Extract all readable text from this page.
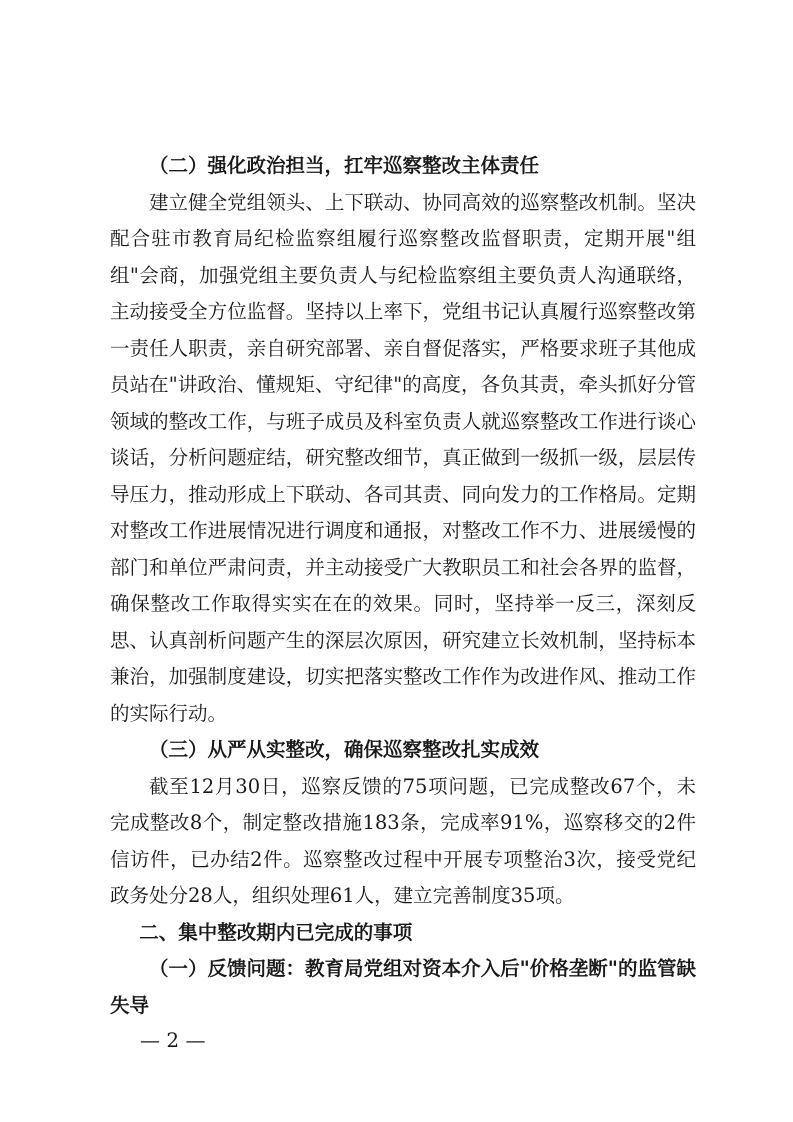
（二）强化政治担当，扛牢巡察整改主体责任

建立健全党组领头、上下联动、协同高效的巡察整改机制。坚决配合驻市教育局纪检监察组履行巡察整改监督职责，定期开展"组组"会商，加强党组主要负责人与纪检监察组主要负责人沟通联络，主动接受全方位监督。坚持以上率下，党组书记认真履行巡察整改第一责任人职责，亲自研究部署、亲自督促落实，严格要求班子其他成员站在"讲政治、懂规矩、守纪律"的高度，各负其责，牵头抓好分管领域的整改工作，与班子成员及科室负责人就巡察整改工作进行谈心谈话，分析问题症结，研究整改细节，真正做到一级抓一级，层层传导压力，推动形成上下联动、各司其责、同向发力的工作格局。定期对整改工作进展情况进行调度和通报，对整改工作不力、进展缓慢的部门和单位严肃问责，并主动接受广大教职员工和社会各界的监督，确保整改工作取得实实在在的效果。同时，坚持举一反三，深刻反思、认真剖析问题产生的深层次原因，研究建立长效机制，坚持标本兼治，加强制度建设，切实把落实整改工作作为改进作风、推动工作的实际行动。

（三）从严从实整改，确保巡察整改扎实成效

截至12月30日，巡察反馈的75项问题，已完成整改67个，未完成整改8个，制定整改措施183条，完成率91%，巡察移交的2件信访件，已办结2件。巡察整改过程中开展专项整治3次，接受党纪政务处分28人，组织处理61人，建立完善制度35项。

二、集中整改期内已完成的事项

（一）反馈问题：教育局党组对资本介入后"价格垄断"的监管缺失导

— 2 —
